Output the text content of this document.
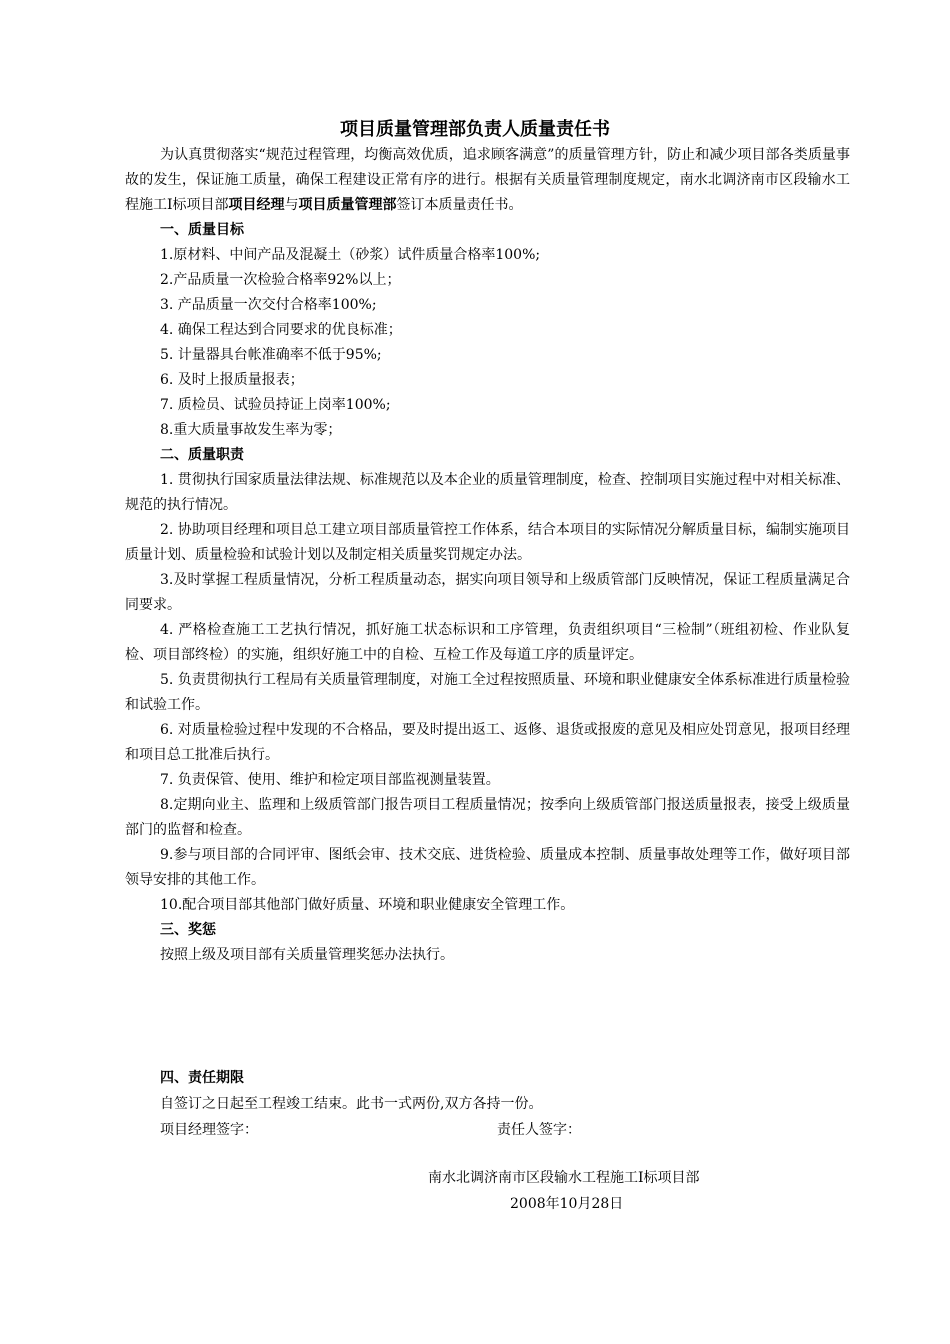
项目质量管理部负责人质量责任书

为认真贯彻落实“规范过程管理，均衡高效优质，追求顾客满意”的质量管理方针，防止和减少项目部各类质量事故的发生，保证施工质量，确保工程建设正常有序的进行。根据有关质量管理制度规定，南水北调济南市区段输水工程施工Ⅰ标项目部项目经理与项目质量管理部签订本质量责任书。

一、质量目标

1.原材料、中间产品及混凝土（砂浆）试件质量合格率100%;

2.产品质量一次检验合格率92%以上；

3. 产品质量一次交付合格率100%;

4. 确保工程达到合同要求的优良标准；

5. 计量器具台帐准确率不低于95%;

6. 及时上报质量报表；

7. 质检员、试验员持证上岗率100%;

8.重大质量事故发生率为零；

二、质量职责

1. 贯彻执行国家质量法律法规、标准规范以及本企业的质量管理制度，检查、控制项目实施过程中对相关标准、规范的执行情况。

2. 协助项目经理和项目总工建立项目部质量管控工作体系，结合本项目的实际情况分解质量目标，编制实施项目质量计划、质量检验和试验计划以及制定相关质量奖罚规定办法。

3.及时掌握工程质量情况，分析工程质量动态，据实向项目领导和上级质管部门反映情况，保证工程质量满足合同要求。

4. 严格检查施工工艺执行情况，抓好施工状态标识和工序管理，负责组织项目“三检制”（班组初检、作业队复检、项目部终检）的实施，组织好施工中的自检、互检工作及每道工序的质量评定。

5. 负责贯彻执行工程局有关质量管理制度，对施工全过程按照质量、环境和职业健康安全体系标准进行质量检验和试验工作。

6. 对质量检验过程中发现的不合格品，要及时提出返工、返修、退货或报废的意见及相应处罚意见，报项目经理和项目总工批准后执行。

7. 负责保管、使用、维护和检定项目部监视测量装置。

8.定期向业主、监理和上级质管部门报告项目工程质量情况；按季向上级质管部门报送质量报表，接受上级质量部门的监督和检查。

9.参与项目部的合同评审、图纸会审、技术交底、进货检验、质量成本控制、质量事故处理等工作，做好项目部领导安排的其他工作。

10.配合项目部其他部门做好质量、环境和职业健康安全管理工作。

三、奖惩

按照上级及项目部有关质量管理奖惩办法执行。

四、责任期限
自签订之日起至工程竣工结束。此书一式两份,双方各持一份。
项目经理签字：	责任人签字：
南水北调济南市区段输水工程施工Ⅰ标项目部
2008年10月28日
